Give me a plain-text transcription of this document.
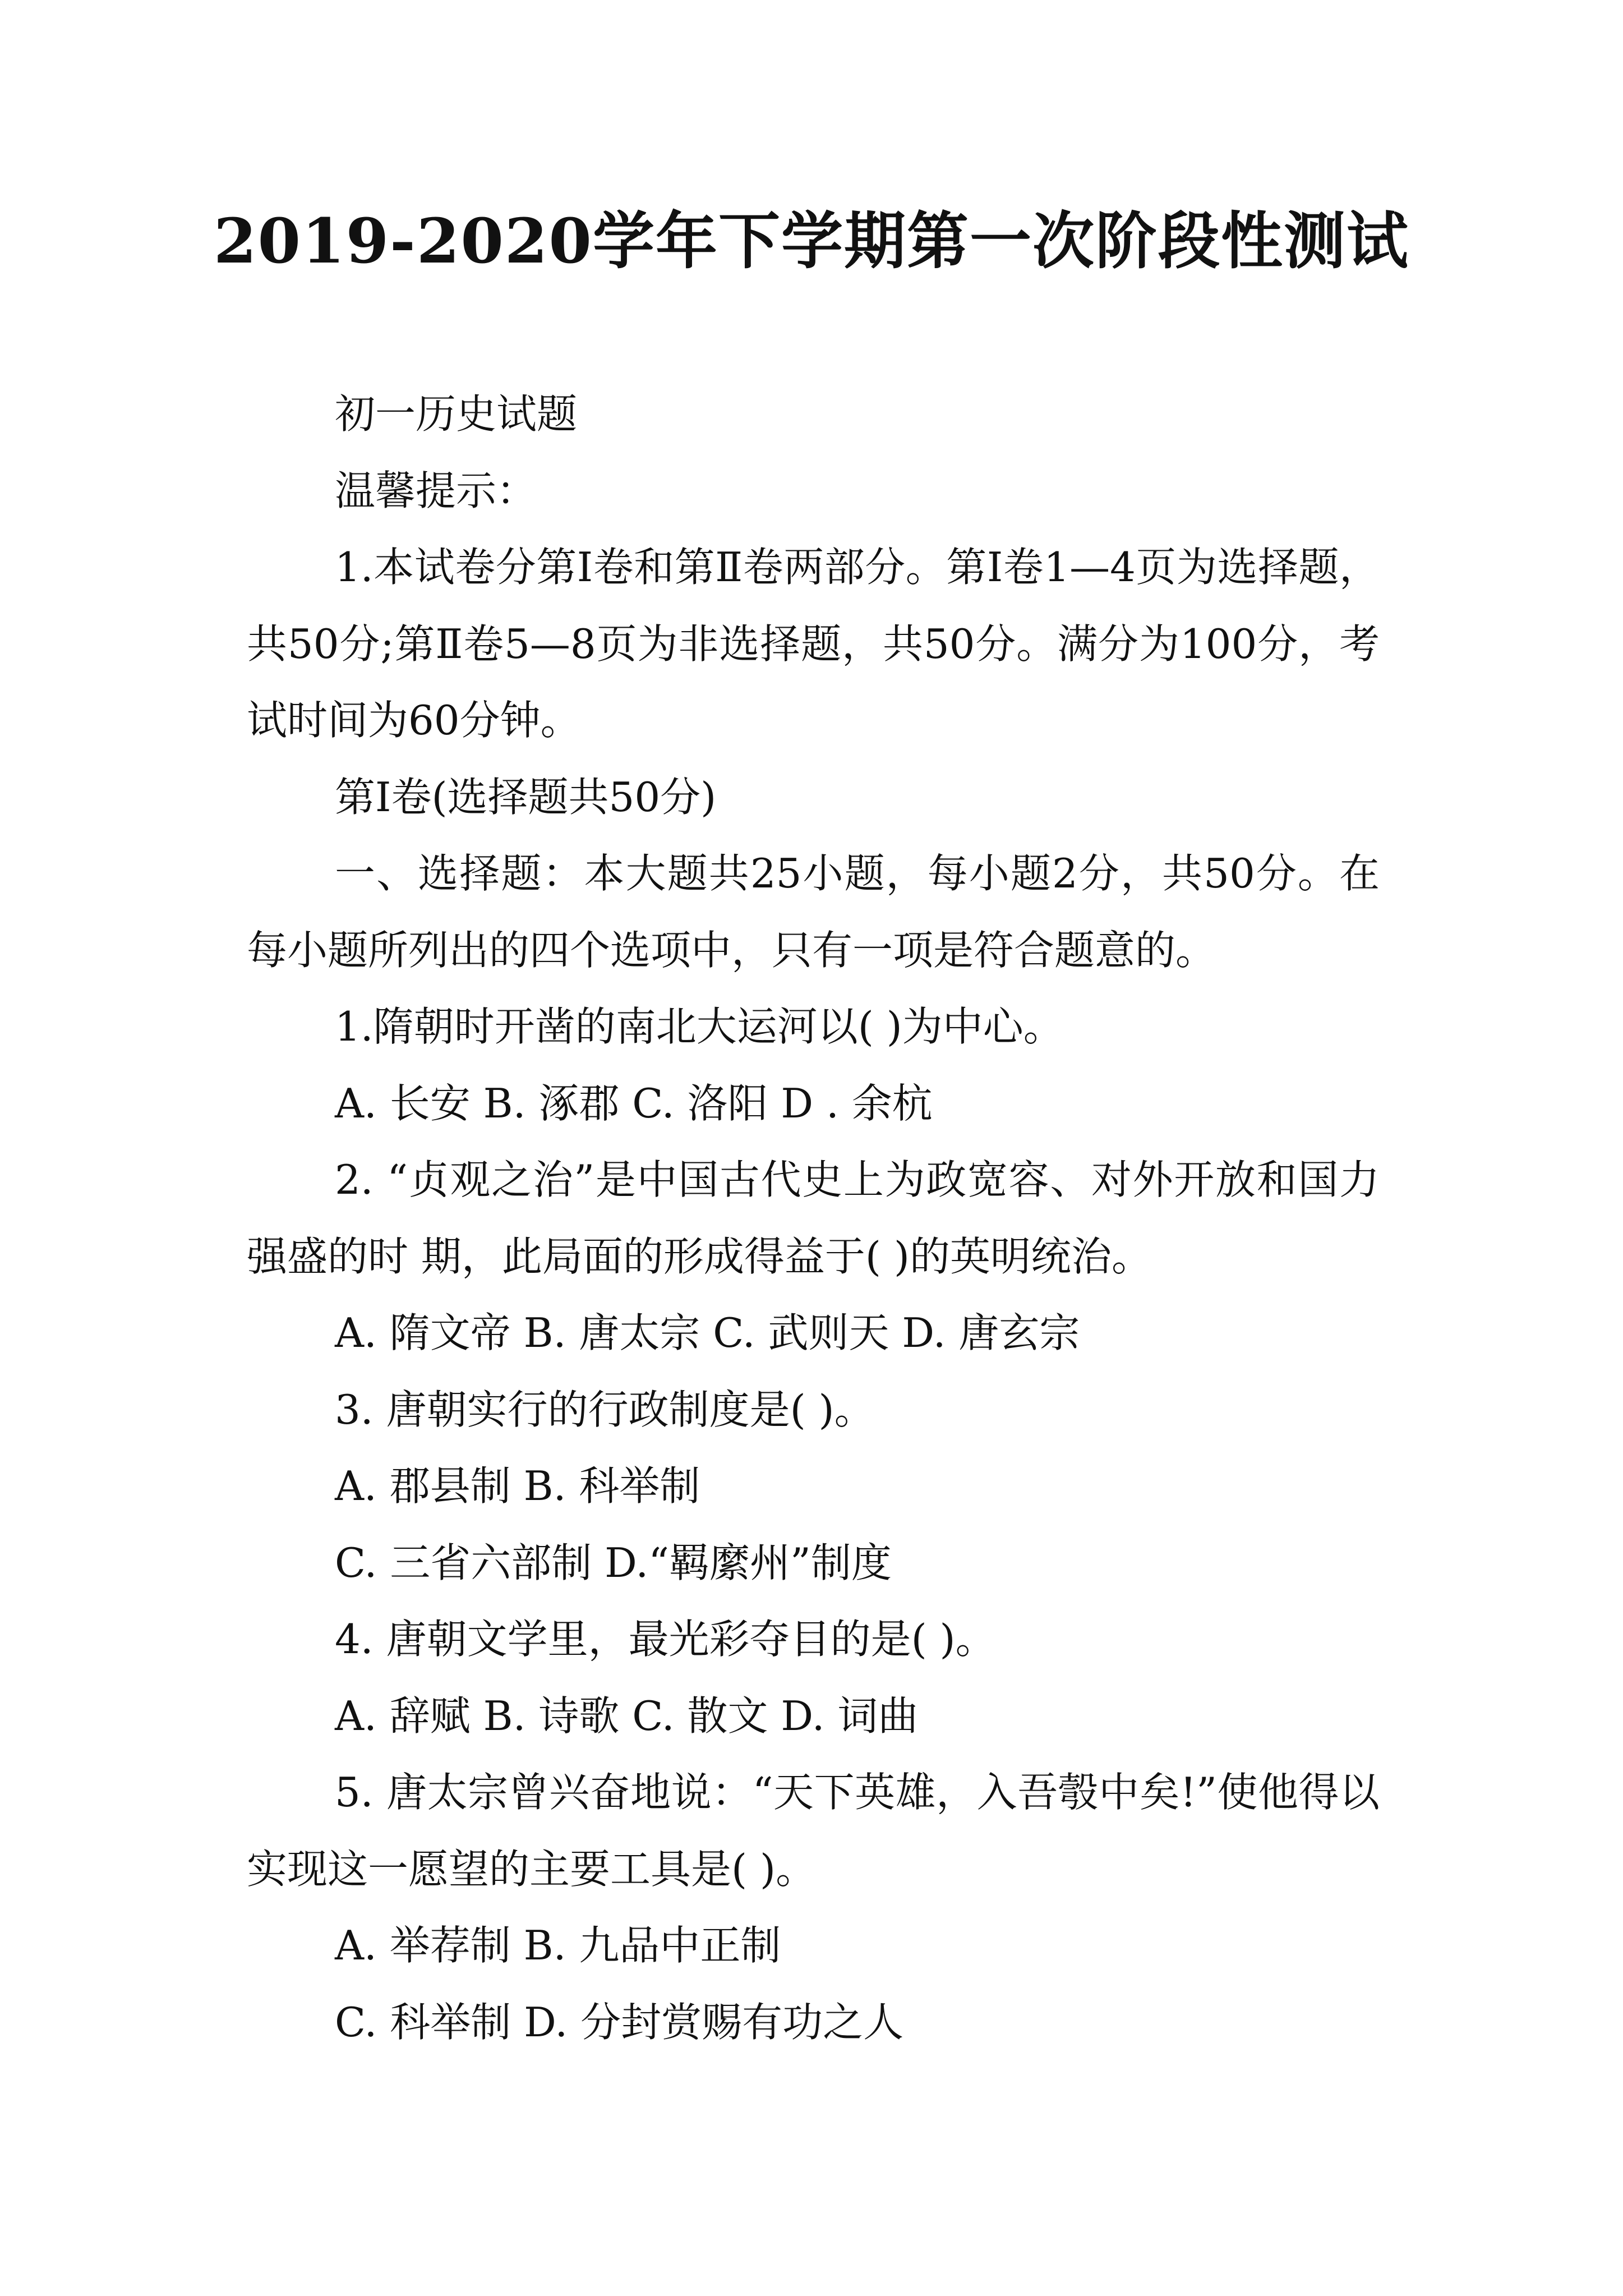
2019-2020学年下学期第一次阶段性测试

初一历史试题

温馨提示：

1.本试卷分第Ⅰ卷和第Ⅱ卷两部分。第Ⅰ卷1—4页为选择题，共50分;第Ⅱ卷5—8页为非选择题，共50分。满分为100分，考试时间为60分钟。

第Ⅰ卷(选择题共50分)

一、选择题：本大题共25小题，每小题2分，共50分。在每小题所列出的四个选项中，只有一项是符合题意的。

1.隋朝时开凿的南北大运河以( )为中心。

A. 长安 B. 涿郡 C. 洛阳 D . 余杭

2. “贞观之治”是中国古代史上为政宽容、对外开放和国力强盛的时 期，此局面的形成得益于( )的英明统治。

A. 隋文帝 B. 唐太宗 C. 武则天 D. 唐玄宗

3. 唐朝实行的行政制度是( )。

A. 郡县制 B. 科举制

C. 三省六部制 D.“羁縻州”制度

4. 唐朝文学里，最光彩夺目的是( )。

A. 辞赋 B. 诗歌 C. 散文 D. 词曲

5. 唐太宗曾兴奋地说：“天下英雄，入吾彀中矣!”使他得以实现这一愿望的主要工具是( )。

A. 举荐制 B. 九品中正制

C. 科举制 D. 分封赏赐有功之人
